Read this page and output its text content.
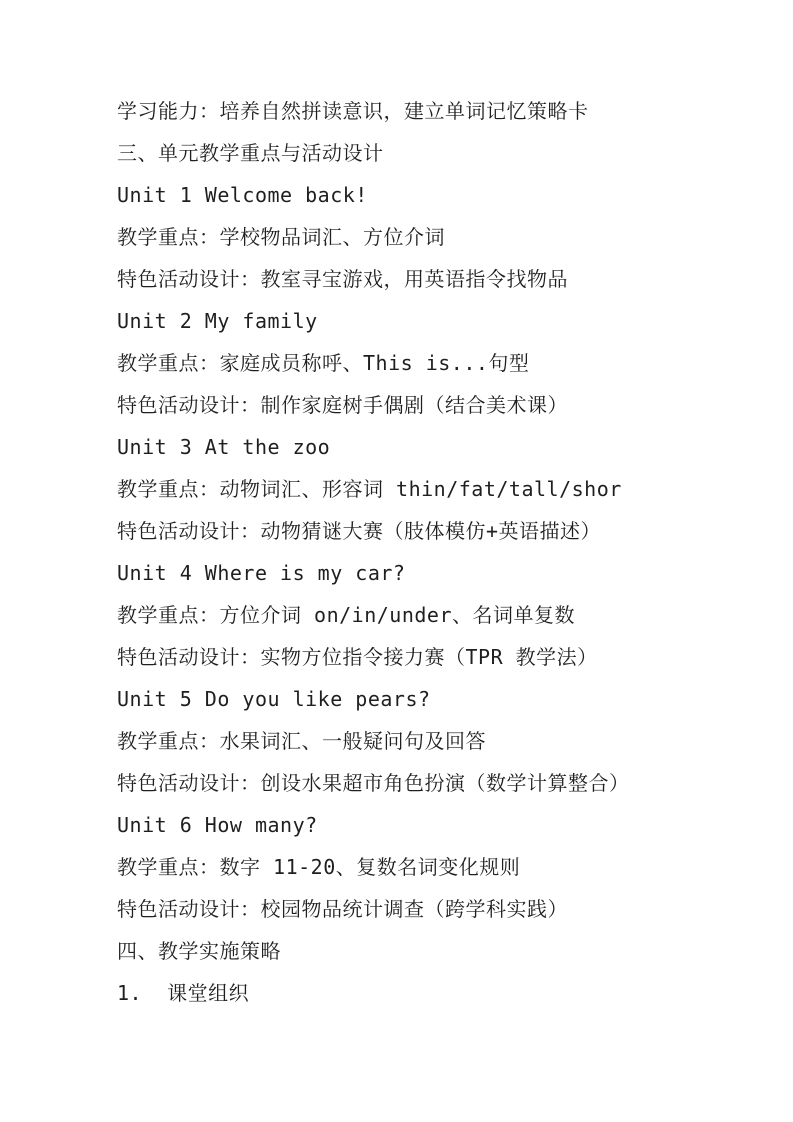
学习能力：培养自然拼读意识，建立单词记忆策略卡

三、单元教学重点与活动设计

Unit 1 Welcome back!

教学重点：学校物品词汇、方位介词

特色活动设计：教室寻宝游戏，用英语指令找物品

Unit 2 My family

教学重点：家庭成员称呼、This is...句型

特色活动设计：制作家庭树手偶剧（结合美术课）

Unit 3 At the zoo

教学重点：动物词汇、形容词 thin/fat/tall/shor

特色活动设计：动物猜谜大赛（肢体模仿+英语描述）

Unit 4 Where is my car?

教学重点：方位介词 on/in/under、名词单复数

特色活动设计：实物方位指令接力赛（TPR 教学法）

Unit 5 Do you like pears?

教学重点：水果词汇、一般疑问句及回答

特色活动设计：创设水果超市角色扮演（数学计算整合）

Unit 6 How many?

教学重点：数字 11-20、复数名词变化规则

特色活动设计：校园物品统计调查（跨学科实践）

四、教学实施策略

1.  课堂组织
